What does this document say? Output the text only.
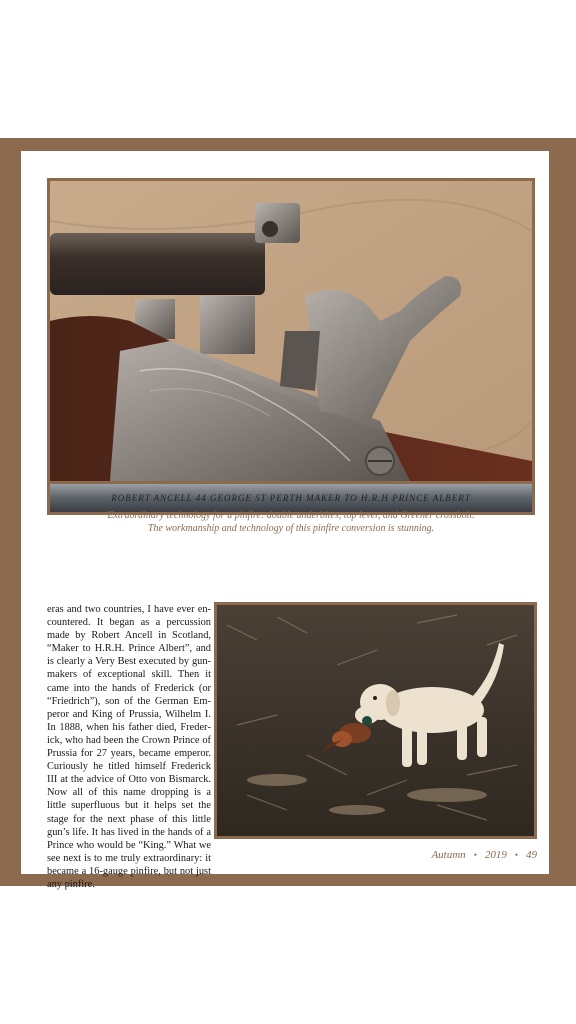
ROBERT ANCELL 44 GEORGE ST PERTH MAKER TO H.R.H PRINCE ALBERT
Extraordinary technology for a pinfire: double underbites, top lever, and Greener crossbolt.
The workmanship and technology of this pinfire conversion is stunning.
eras and two countries, I have ever encountered. It began as a percussion made by Robert Ancell in Scotland, “Maker to H.R.H. Prince Albert”, and is clearly a Very Best executed by gunmakers of exceptional skill. Then it came into the hands of Frederick (or “Friedrich”), son of the German Emperor and King of Prussia, Wilhelm I. In 1888, when his father died, Frederick, who had been the Crown Prince of Prussia for 27 years, became emperor. Curiously he titled himself Frederick III at the advice of Otto von Bismarck. Now all of this name dropping is a little superfluous but it helps set the stage for the next phase of this little gun’s life. It has lived in the hands of a Prince who would be “King.” What we see next is to me truly extraordinary: it became a 16-gauge pinfire, but not just any pinfire.
Autumn • 2019 • 49
